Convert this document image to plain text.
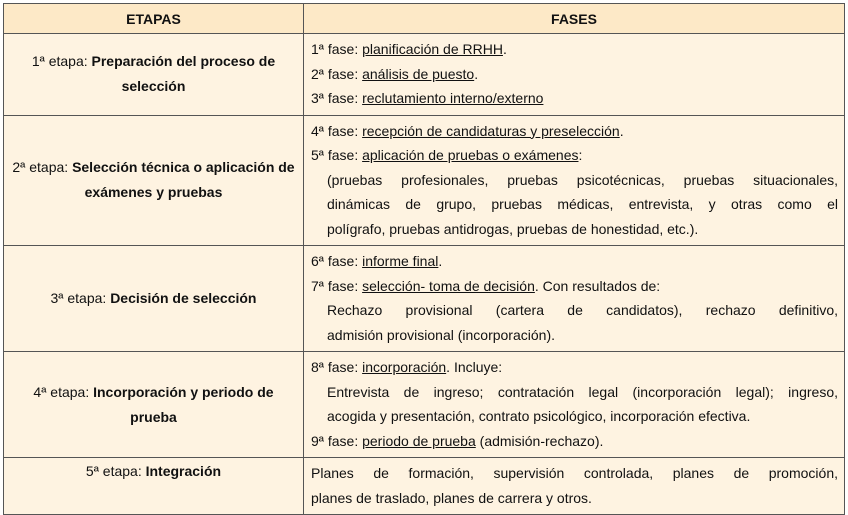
ETAPAS	FASES
1ª etapa: Preparación del proceso de selección	1ª fase: planificación de RRHH.
2ª fase: análisis de puesto.
3ª fase: reclutamiento interno/externo

2ª etapa: Selección técnica o aplicación de exámenes y pruebas	4ª fase: recepción de candidaturas y preselección.
5ª fase: aplicación de pruebas o exámenes:
(pruebas profesionales, pruebas psicotécnicas, pruebas situacionales,
dinámicas de grupo, pruebas médicas, entrevista, y otras como el
polígrafo, pruebas antidrogas, pruebas de honestidad, etc.).

3ª etapa: Decisión de selección	6ª fase: informe final.
7ª fase: selección- toma de decisión. Con resultados de:
Rechazo provisional (cartera de candidatos), rechazo definitivo,
admisión provisional (incorporación).

4ª etapa: Incorporación y periodo de prueba	8ª fase: incorporación. Incluye:
Entrevista de ingreso; contratación legal (incorporación legal); ingreso,
acogida y presentación, contrato psicológico, incorporación efectiva.
9ª fase: periodo de prueba (admisión-rechazo).

5ª etapa: Integración	Planes de formación, supervisión controlada, planes de promoción,
planes de traslado, planes de carrera y otros.
